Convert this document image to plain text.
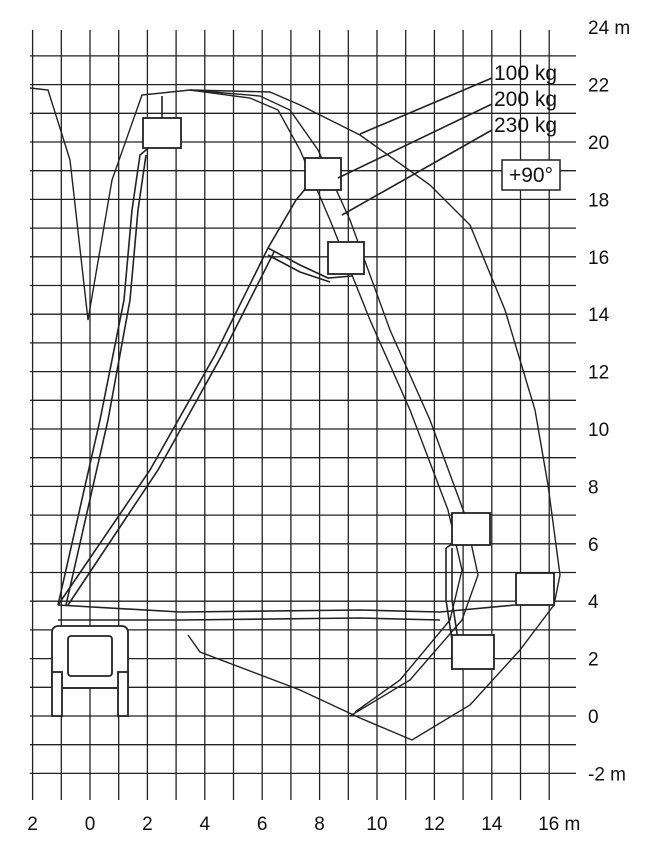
100 kg
200 kg
230 kg
+90°
2 0 2 4 6 8 10 12 14 16 m
24 m
22
20
18
16
14
12
10
8
6
4
2
0
-2 m
